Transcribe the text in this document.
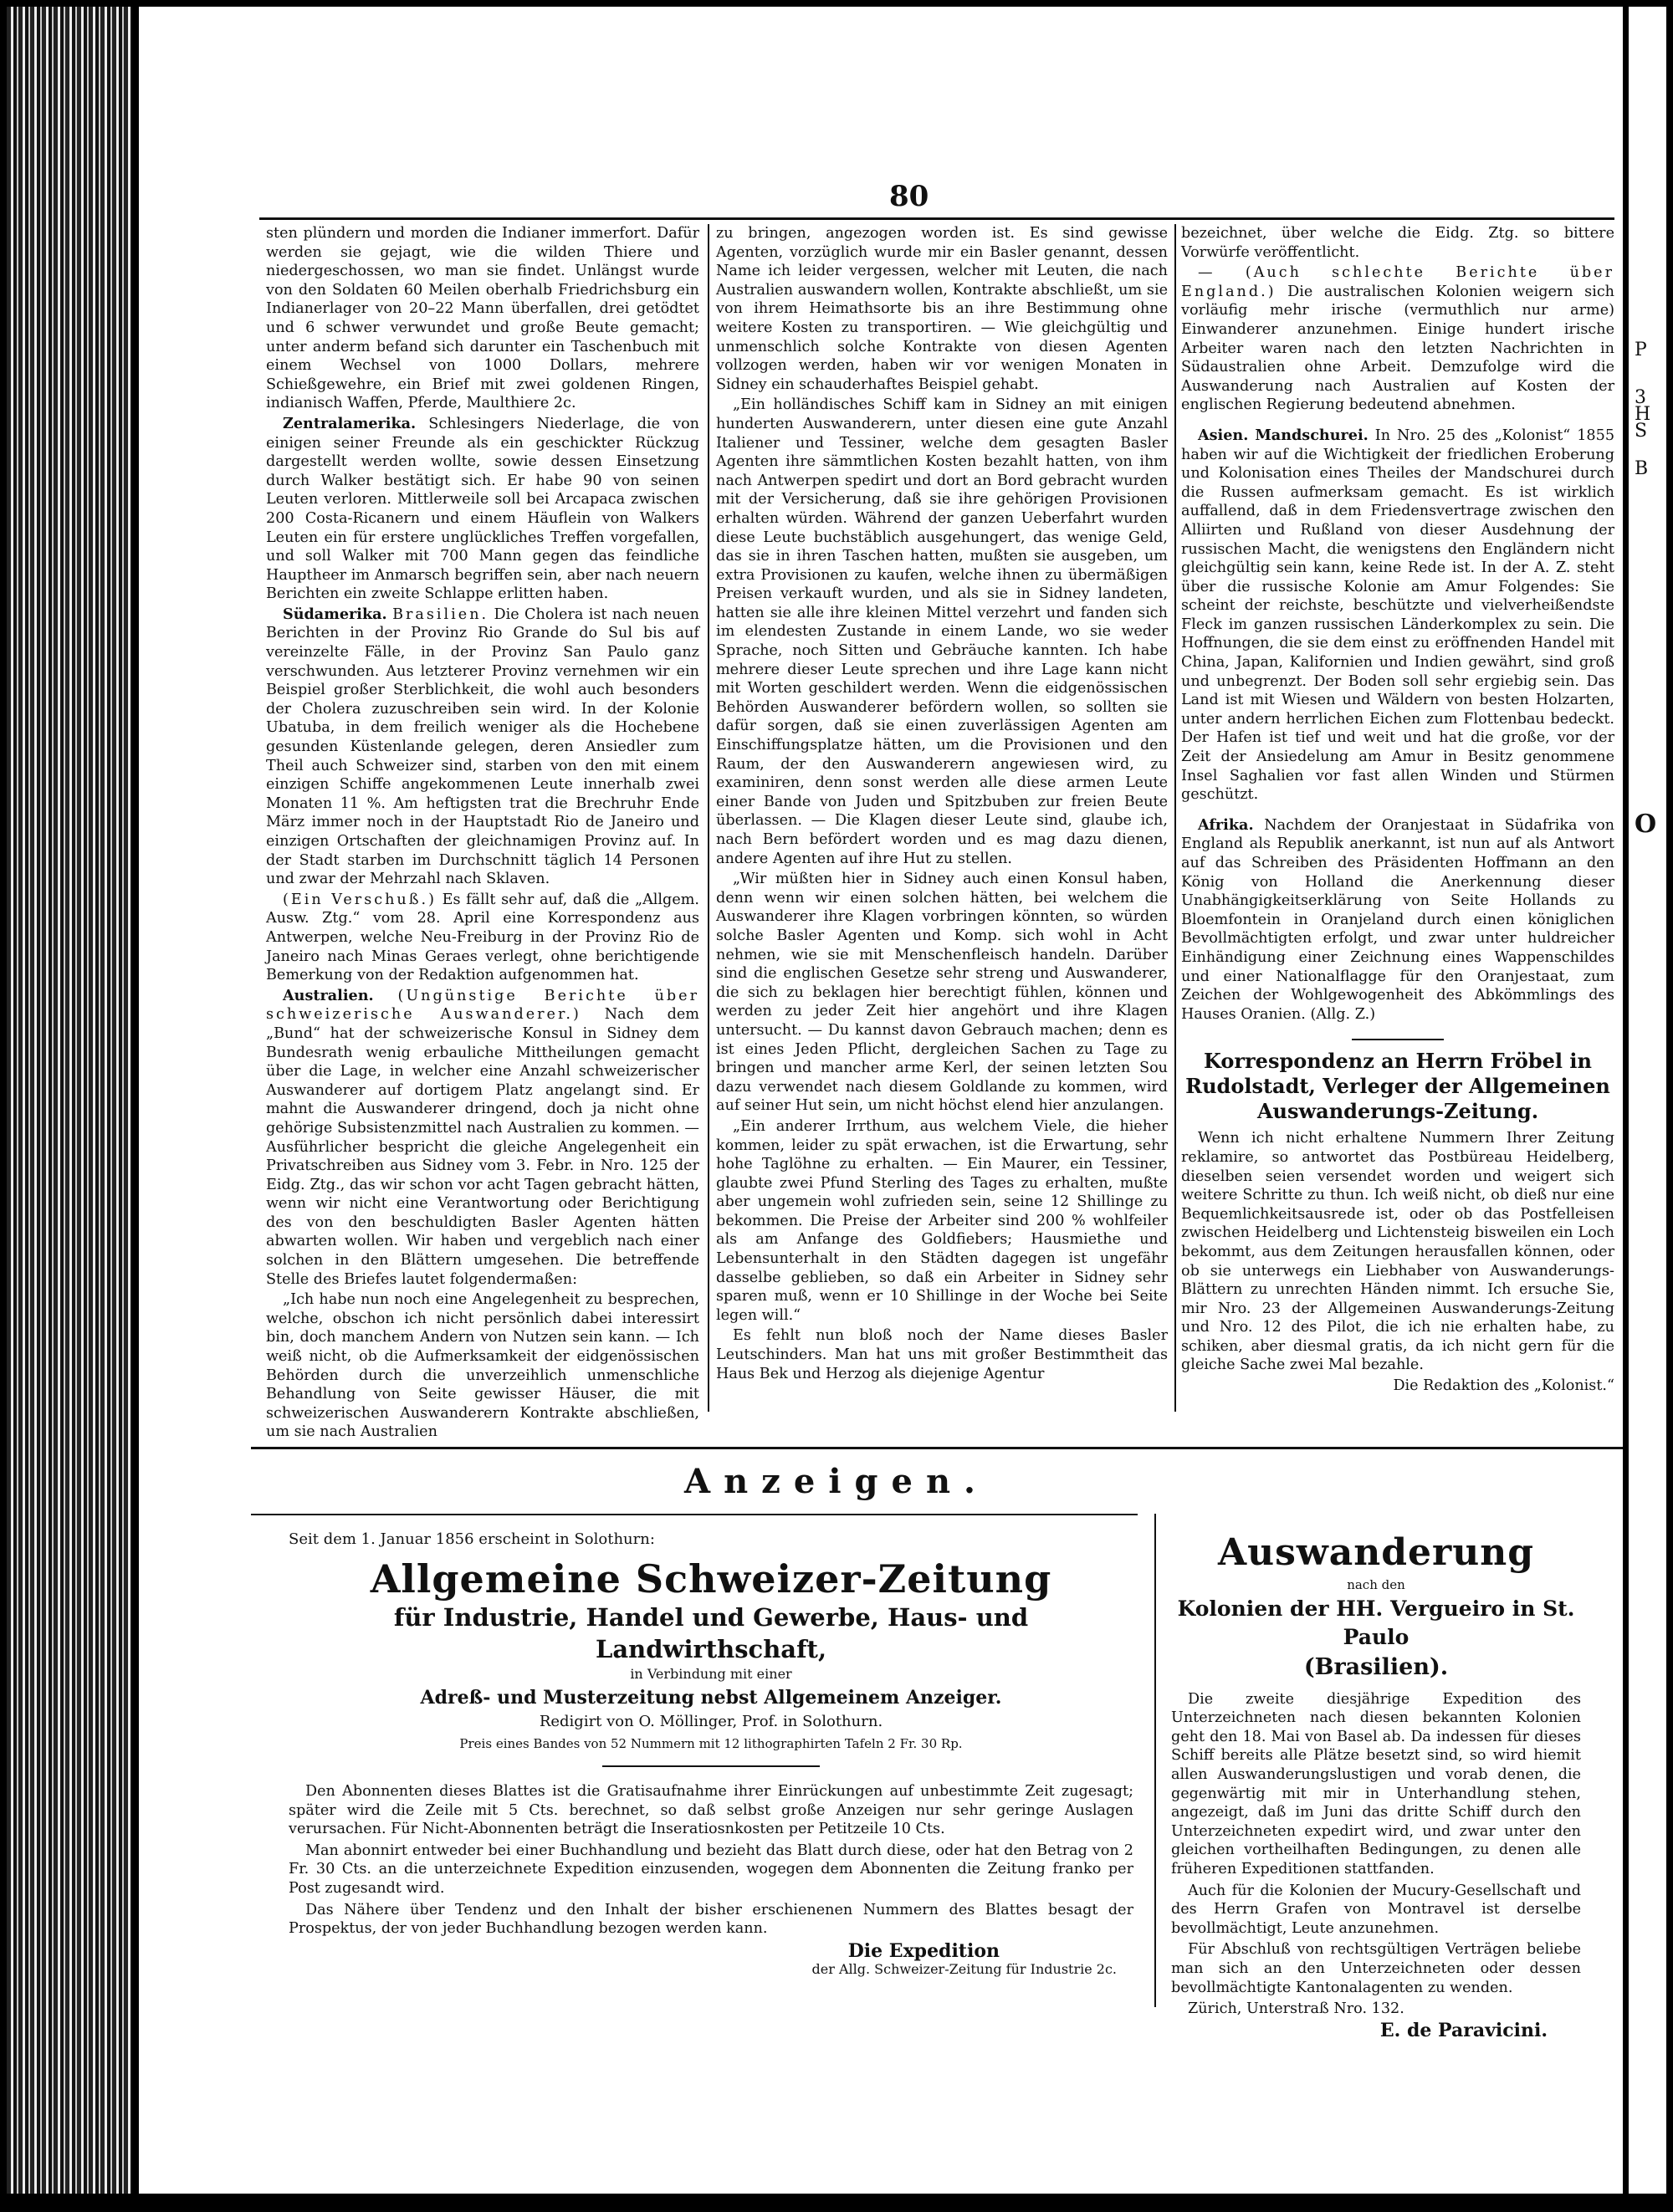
P
3
H
S
B
O
80

sten plündern und morden die Indianer immerfort. Dafür werden sie gejagt, wie die wilden Thiere und niedergeschossen, wo man sie findet. Unlängst wurde von den Soldaten 60 Meilen oberhalb Friedrichsburg ein Indianerlager von 20–22 Mann überfallen, drei getödtet und 6 schwer verwundet und große Beute gemacht; unter anderm befand sich darunter ein Taschenbuch mit einem Wechsel von 1000 Dollars, mehrere Schießgewehre, ein Brief mit zwei goldenen Ringen, indianisch Waffen, Pferde, Maulthiere 2c.

Zentralamerika. Schlesingers Niederlage, die von einigen seiner Freunde als ein geschickter Rückzug dargestellt werden wollte, sowie dessen Einsetzung durch Walker bestätigt sich. Er habe 90 von seinen Leuten verloren. Mittlerweile soll bei Arcapaca zwischen 200 Costa-Ricanern und einem Häuflein von Walkers Leuten ein für erstere unglückliches Treffen vorgefallen, und soll Walker mit 700 Mann gegen das feindliche Hauptheer im Anmarsch begriffen sein, aber nach neuern Berichten ein zweite Schlappe erlitten haben.

Südamerika. Brasilien. Die Cholera ist nach neuen Berichten in der Provinz Rio Grande do Sul bis auf vereinzelte Fälle, in der Provinz San Paulo ganz verschwunden. Aus letzterer Provinz vernehmen wir ein Beispiel großer Sterblichkeit, die wohl auch besonders der Cholera zuzuschreiben sein wird. In der Kolonie Ubatuba, in dem freilich weniger als die Hochebene gesunden Küstenlande gelegen, deren Ansiedler zum Theil auch Schweizer sind, starben von den mit einem einzigen Schiffe angekommenen Leute innerhalb zwei Monaten 11 %. Am heftigsten trat die Brechruhr Ende März immer noch in der Hauptstadt Rio de Janeiro und einzigen Ortschaften der gleichnamigen Provinz auf. In der Stadt starben im Durchschnitt täglich 14 Personen und zwar der Mehrzahl nach Sklaven.

(Ein Verschuß.) Es fällt sehr auf, daß die „Allgem. Ausw. Ztg.“ vom 28. April eine Korrespondenz aus Antwerpen, welche Neu-Freiburg in der Provinz Rio de Janeiro nach Minas Geraes verlegt, ohne berichtigende Bemerkung von der Redaktion aufgenommen hat.

Australien. (Ungünstige Berichte über schweizerische Auswanderer.) Nach dem „Bund“ hat der schweizerische Konsul in Sidney dem Bundesrath wenig erbauliche Mittheilungen gemacht über die Lage, in welcher eine Anzahl schweizerischer Auswanderer auf dortigem Platz angelangt sind. Er mahnt die Auswanderer dringend, doch ja nicht ohne gehörige Subsistenzmittel nach Australien zu kommen. — Ausführlicher bespricht die gleiche Angelegenheit ein Privatschreiben aus Sidney vom 3. Febr. in Nro. 125 der Eidg. Ztg., das wir schon vor acht Tagen gebracht hätten, wenn wir nicht eine Verantwortung oder Berichtigung des von den beschuldigten Basler Agenten hätten abwarten wollen. Wir haben und vergeblich nach einer solchen in den Blättern umgesehen. Die betreffende Stelle des Briefes lautet folgendermaßen:

„Ich habe nun noch eine Angelegenheit zu besprechen, welche, obschon ich nicht persönlich dabei interessirt bin, doch manchem Andern von Nutzen sein kann. — Ich weiß nicht, ob die Aufmerksamkeit der eidgenössischen Behörden durch die unverzeihlich unmenschliche Behandlung von Seite gewisser Häuser, die mit schweizerischen Auswanderern Kontrakte abschließen, um sie nach Australien

zu bringen, angezogen worden ist. Es sind gewisse Agenten, vorzüglich wurde mir ein Basler genannt, dessen Name ich leider vergessen, welcher mit Leuten, die nach Australien auswandern wollen, Kontrakte abschließt, um sie von ihrem Heimathsorte bis an ihre Bestimmung ohne weitere Kosten zu transportiren. — Wie gleichgültig und unmenschlich solche Kontrakte von diesen Agenten vollzogen werden, haben wir vor wenigen Monaten in Sidney ein schauderhaftes Beispiel gehabt.

„Ein holländisches Schiff kam in Sidney an mit einigen hunderten Auswanderern, unter diesen eine gute Anzahl Italiener und Tessiner, welche dem gesagten Basler Agenten ihre sämmtlichen Kosten bezahlt hatten, von ihm nach Antwerpen spedirt und dort an Bord gebracht wurden mit der Versicherung, daß sie ihre gehörigen Provisionen erhalten würden. Während der ganzen Ueberfahrt wurden diese Leute buchstäblich ausgehungert, das wenige Geld, das sie in ihren Taschen hatten, mußten sie ausgeben, um extra Provisionen zu kaufen, welche ihnen zu übermäßigen Preisen verkauft wurden, und als sie in Sidney landeten, hatten sie alle ihre kleinen Mittel verzehrt und fanden sich im elendesten Zustande in einem Lande, wo sie weder Sprache, noch Sitten und Gebräuche kannten. Ich habe mehrere dieser Leute sprechen und ihre Lage kann nicht mit Worten geschildert werden. Wenn die eidgenössischen Behörden Auswanderer befördern wollen, so sollten sie dafür sorgen, daß sie einen zuverlässigen Agenten am Einschiffungsplatze hätten, um die Provisionen und den Raum, der den Auswanderern angewiesen wird, zu examiniren, denn sonst werden alle diese armen Leute einer Bande von Juden und Spitzbuben zur freien Beute überlassen. — Die Klagen dieser Leute sind, glaube ich, nach Bern befördert worden und es mag dazu dienen, andere Agenten auf ihre Hut zu stellen.

„Wir müßten hier in Sidney auch einen Konsul haben, denn wenn wir einen solchen hätten, bei welchem die Auswanderer ihre Klagen vorbringen könnten, so würden solche Basler Agenten und Komp. sich wohl in Acht nehmen, wie sie mit Menschenfleisch handeln. Darüber sind die englischen Gesetze sehr streng und Auswanderer, die sich zu beklagen hier berechtigt fühlen, können und werden zu jeder Zeit hier angehört und ihre Klagen untersucht. — Du kannst davon Gebrauch machen; denn es ist eines Jeden Pflicht, dergleichen Sachen zu Tage zu bringen und mancher arme Kerl, der seinen letzten Sou dazu verwendet nach diesem Goldlande zu kommen, wird auf seiner Hut sein, um nicht höchst elend hier anzulangen.

„Ein anderer Irrthum, aus welchem Viele, die hieher kommen, leider zu spät erwachen, ist die Erwartung, sehr hohe Taglöhne zu erhalten. — Ein Maurer, ein Tessiner, glaubte zwei Pfund Sterling des Tages zu erhalten, mußte aber ungemein wohl zufrieden sein, seine 12 Shillinge zu bekommen. Die Preise der Arbeiter sind 200 % wohlfeiler als am Anfange des Goldfiebers; Hausmiethe und Lebensunterhalt in den Städten dagegen ist ungefähr dasselbe geblieben, so daß ein Arbeiter in Sidney sehr sparen muß, wenn er 10 Shillinge in der Woche bei Seite legen will.“

Es fehlt nun bloß noch der Name dieses Basler Leutschinders. Man hat uns mit großer Bestimmtheit das Haus Bek und Herzog als diejenige Agentur

bezeichnet, über welche die Eidg. Ztg. so bittere Vorwürfe veröffentlicht.

— (Auch schlechte Berichte über England.) Die australischen Kolonien weigern sich vorläufig mehr irische (vermuthlich nur arme) Einwanderer anzunehmen. Einige hundert irische Arbeiter waren nach den letzten Nachrichten in Südaustralien ohne Arbeit. Demzufolge wird die Auswanderung nach Australien auf Kosten der englischen Regierung bedeutend abnehmen.

Asien. Mandschurei. In Nro. 25 des „Kolonist“ 1855 haben wir auf die Wichtigkeit der friedlichen Eroberung und Kolonisation eines Theiles der Mandschurei durch die Russen aufmerksam gemacht. Es ist wirklich auffallend, daß in dem Friedensvertrage zwischen den Alliirten und Rußland von dieser Ausdehnung der russischen Macht, die wenigstens den Engländern nicht gleichgültig sein kann, keine Rede ist. In der A. Z. steht über die russische Kolonie am Amur Folgendes: Sie scheint der reichste, beschützte und vielverheißendste Fleck im ganzen russischen Länderkomplex zu sein. Die Hoffnungen, die sie dem einst zu eröffnenden Handel mit China, Japan, Kalifornien und Indien gewährt, sind groß und unbegrenzt. Der Boden soll sehr ergiebig sein. Das Land ist mit Wiesen und Wäldern von besten Holzarten, unter andern herrlichen Eichen zum Flottenbau bedeckt. Der Hafen ist tief und weit und hat die große, vor der Zeit der Ansiedelung am Amur in Besitz genommene Insel Saghalien vor fast allen Winden und Stürmen geschützt.

Afrika. Nachdem der Oranjestaat in Südafrika von England als Republik anerkannt, ist nun auf als Antwort auf das Schreiben des Präsidenten Hoffmann an den König von Holland die Anerkennung dieser Unabhängigkeitserklärung von Seite Hollands zu Bloemfontein in Oranjeland durch einen königlichen Bevollmächtigten erfolgt, und zwar unter huldreicher Einhändigung einer Zeichnung eines Wappenschildes und einer Nationalflagge für den Oranjestaat, zum Zeichen der Wohlgewogenheit des Abkömmlings des Hauses Oranien. (Allg. Z.)

Korrespondenz an Herrn Fröbel in Rudolstadt, Verleger der Allgemeinen Auswanderungs-Zeitung.

Wenn ich nicht erhaltene Nummern Ihrer Zeitung reklamire, so antwortet das Postbüreau Heidelberg, dieselben seien versendet worden und weigert sich weitere Schritte zu thun. Ich weiß nicht, ob dieß nur eine Bequemlichkeitsausrede ist, oder ob das Postfelleisen zwischen Heidelberg und Lichtensteig bisweilen ein Loch bekommt, aus dem Zeitungen herausfallen können, oder ob sie unterwegs ein Liebhaber von Auswanderungs-Blättern zu unrechten Händen nimmt. Ich ersuche Sie, mir Nro. 23 der Allgemeinen Auswanderungs-Zeitung und Nro. 12 des Pilot, die ich nie erhalten habe, zu schiken, aber diesmal gratis, da ich nicht gern für die gleiche Sache zwei Mal bezahle.

Die Redaktion des „Kolonist.“

Anzeigen.
Seit dem 1. Januar 1856 erscheint in Solothurn:
Allgemeine Schweizer-Zeitung
für Industrie, Handel und Gewerbe, Haus- und Landwirthschaft,
in Verbindung mit einer
Adreß- und Musterzeitung nebst Allgemeinem Anzeiger.
Redigirt von O. Möllinger, Prof. in Solothurn.
Preis eines Bandes von 52 Nummern mit 12 lithographirten Tafeln 2 Fr. 30 Rp.

Den Abonnenten dieses Blattes ist die Gratisaufnahme ihrer Einrückungen auf unbestimmte Zeit zugesagt; später wird die Zeile mit 5 Cts. berechnet, so daß selbst große Anzeigen nur sehr geringe Auslagen verursachen. Für Nicht-Abonnenten beträgt die Inseratiosnkosten per Petitzeile 10 Cts.

Man abonnirt entweder bei einer Buchhandlung und bezieht das Blatt durch diese, oder hat den Betrag von 2 Fr. 30 Cts. an die unterzeichnete Expedition einzusenden, wogegen dem Abonnenten die Zeitung franko per Post zugesandt wird.

Das Nähere über Tendenz und den Inhalt der bisher erschienenen Nummern des Blattes besagt der Prospektus, der von jeder Buchhandlung bezogen werden kann.

Die Expedition
der Allg. Schweizer-Zeitung für Industrie 2c.
Auswanderung
nach den
Kolonien der HH. Vergueiro in St. Paulo
(Brasilien).

Die zweite diesjährige Expedition des Unterzeichneten nach diesen bekannten Kolonien geht den 18. Mai von Basel ab. Da indessen für dieses Schiff bereits alle Plätze besetzt sind, so wird hiemit allen Auswanderungslustigen und vorab denen, die gegenwärtig mit mir in Unterhandlung stehen, angezeigt, daß im Juni das dritte Schiff durch den Unterzeichneten expedirt wird, und zwar unter den gleichen vortheilhaften Bedingungen, zu denen alle früheren Expeditionen stattfanden.

Auch für die Kolonien der Mucury-Gesellschaft und des Herrn Grafen von Montravel ist derselbe bevollmächtigt, Leute anzunehmen.

Für Abschluß von rechtsgültigen Verträgen beliebe man sich an den Unterzeichneten oder dessen bevollmächtigte Kantonalagenten zu wenden.

Zürich, Unterstraß Nro. 132.

E. de Paravicini.
